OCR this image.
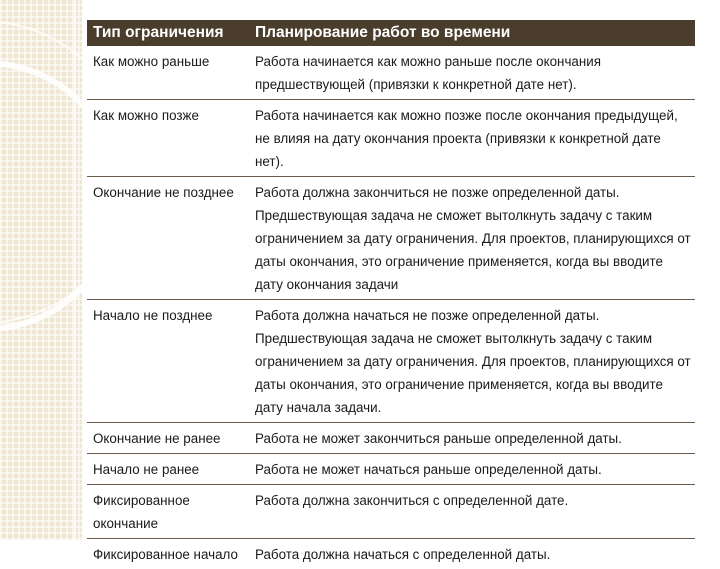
Тип ограничения	Планирование работ во времени
Как можно раньше	Работа начинается как можно раньше после окончания предшествующей (привязки к конкретной дате нет).
Как можно позже	Работа начинается как можно позже после окончания предыдущей, не влияя на дату окончания проекта (привязки к конкретной дате нет).
Окончание не позднее	Работа должна закончиться не позже определенной даты. Предшествующая задача не сможет вытолкнуть задачу с таким ограничением за дату ограничения. Для проектов, планирующихся от даты окончания, это ограничение применяется, когда вы вводите дату окончания задачи
Начало не позднее	Работа должна начаться не позже определенной даты. Предшествующая задача не сможет вытолкнуть задачу с таким ограничением за дату ограничения. Для проектов, планирующихся от даты окончания, это ограничение применяется, когда вы вводите дату начала задачи.
Окончание не ранее	Работа не может закончиться раньше определенной даты.
Начало не ранее	Работа не может начаться раньше определенной даты.
Фиксированное окончание	Работа должна закончиться с определенной дате.
Фиксированное начало	Работа должна начаться с определенной даты.
